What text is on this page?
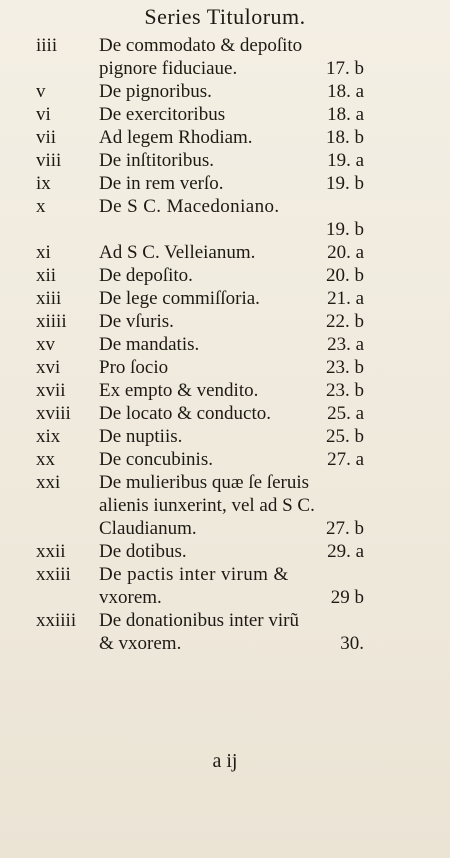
Series Titulorum.
iiii De commodato & depoſito
pignore fiduciaue.	17. b
v	De pignoribus.	18. a
vi	De exercitoribus	18. a
vii Ad legem Rhodiam.	18. b
viii De inſtitoribus.	19. a
ix	De in rem verſo.	19. b
x	De S C. Macedoniano.
19. b
xi	Ad S C. Velleianum.	20. a
xii De depoſito.	20. b
xiii De lege commiſſoria.	21. a
xiiii De vſuris.	22. b
xv De mandatis.	23. a
xvi Pro ſocio	23. b
xvii Ex empto & vendito.	23. b
xviii De locato & conducto.	25. a
xix De nuptiis.	25. b
xx De concubinis.	27. a
xxi De mulieribus quæ ſe ſeruis
alienis iunxerint, vel ad S C.
Claudianum.	27. b
xxii De dotibus.	29. a
xxiii De pactis inter virum &
vxorem.	29 b
xxiiii De donationibus inter virũ
& vxorem.	30.
a ij
